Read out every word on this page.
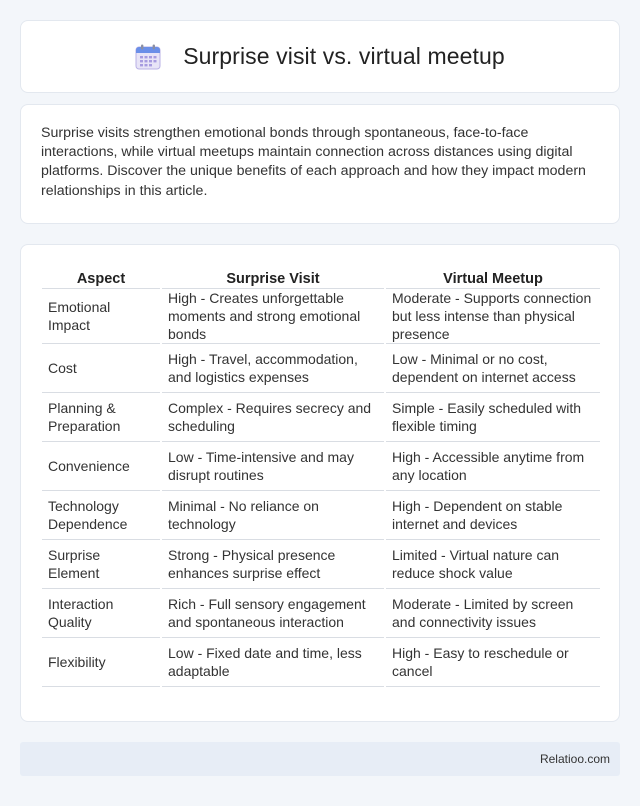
Surprise visit vs. virtual meetup

Surprise visits strengthen emotional bonds through spontaneous, face-to-face interactions, while virtual meetups maintain connection across distances using digital platforms. Discover the unique benefits of each approach and how they impact modern relationships in this article.

Aspect	Surprise Visit	Virtual Meetup
Emotional Impact	High - Creates unforgettable moments and strong emotional bonds	Moderate - Supports connection but less intense than physical presence
Cost	High - Travel, accommodation, and logistics expenses	Low - Minimal or no cost, dependent on internet access
Planning & Preparation	Complex - Requires secrecy and scheduling	Simple - Easily scheduled with flexible timing
Convenience	Low - Time-intensive and may disrupt routines	High - Accessible anytime from any location
Technology Dependence	Minimal - No reliance on technology	High - Dependent on stable internet and devices
Surprise Element	Strong - Physical presence enhances surprise effect	Limited - Virtual nature can reduce shock value
Interaction Quality	Rich - Full sensory engagement and spontaneous interaction	Moderate - Limited by screen and connectivity issues
Flexibility	Low - Fixed date and time, less adaptable	High - Easy to reschedule or cancel
Relatioo.com
